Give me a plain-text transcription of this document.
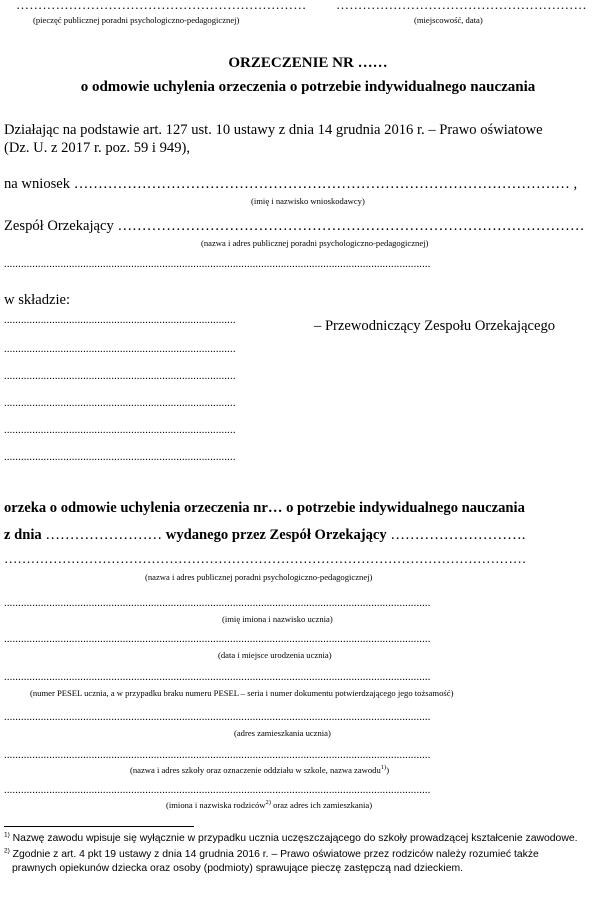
…………………………………………………………
(pieczęć publicznej poradni psychologiczno-pedagogicznej)
…………………………………………………
(miejscowość, data)
ORZECZENIE NR ……
o odmowie uchylenia orzeczenia o potrzebie indywidualnego nauczania
Działając na podstawie art. 127 ust. 10 ustawy z dnia 14 grudnia 2016 r. – Prawo oświatowe
(Dz. U. z 2017 r. poz. 59 i 949),
na wniosek ………………………………………………………………………………………… ,
(imię i nazwisko wnioskodawcy)
Zespół Orzekający ……………………………………………………………………………………
(nazwa i adres publicznej poradni psychologiczno-pedagogicznej)
.......................................................................................................................................................
w składzie:
..................................................................................	– Przewodniczący Zespołu Orzekającego
..................................................................................
..................................................................................
..................................................................................
..................................................................................
..................................................................................
orzeka o odmowie uchylenia orzeczenia nr… o potrzebie indywidualnego nauczania
z dnia …………………… wydanego przez Zespół Orzekający ……………………….
………………………………………………………………………………………………………
(nazwa i adres publicznej poradni psychologiczno-pedagogicznej)
.......................................................................................................................................................
(imię imiona i nazwisko ucznia)
.......................................................................................................................................................
(data i miejsce urodzenia ucznia)
.......................................................................................................................................................
(numer PESEL ucznia, a w przypadku braku numeru PESEL – seria i numer dokumentu potwierdzającego jego tożsamość)
.......................................................................................................................................................
(adres zamieszkania ucznia)
.......................................................................................................................................................
(nazwa i adres szkoły oraz oznaczenie oddziału w szkole, nazwa zawodu$^{1)}$)
.......................................................................................................................................................
(imiona i nazwiska rodziców$^{2)}$ oraz adres ich zamieszkania)
$^{1)}$ Nazwę zawodu wpisuje się wyłącznie w przypadku ucznia uczęszczającego do szkoły prowadzącej kształcenie zawodowe.
$^{2)}$ Zgodnie z art. 4 pkt 19 ustawy z dnia 14 grudnia 2016 r. – Prawo oświatowe przez rodziców należy rozumieć także
prawnych opiekunów dziecka oraz osoby (podmioty) sprawujące pieczę zastępczą nad dzieckiem.
